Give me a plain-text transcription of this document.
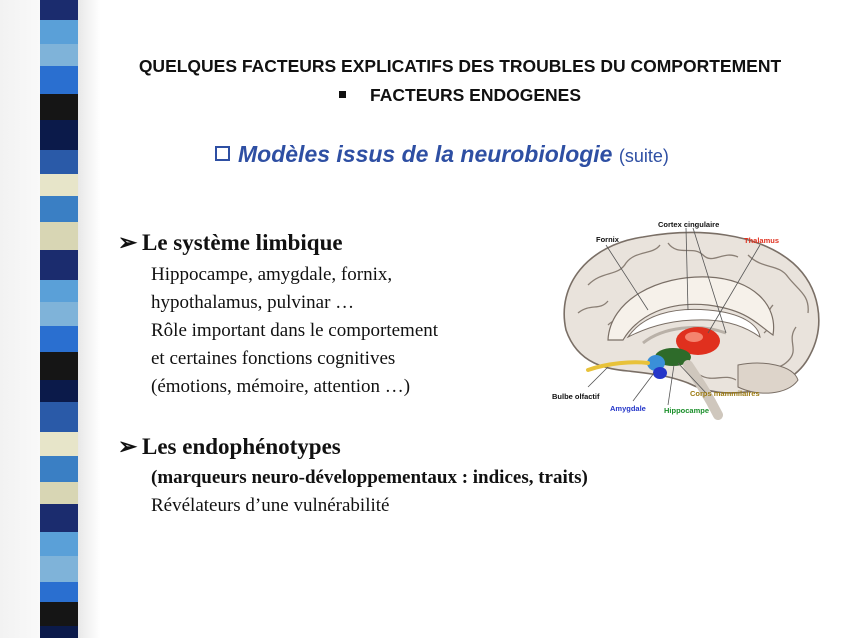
QUELQUES FACTEURS EXPLICATIFS DES TROUBLES DU COMPORTEMENT
FACTEURS ENDOGENES
Modèles issus de la neurobiologie (suite)
➢ Le système limbique
Hippocampe, amygdale, fornix,
hypothalamus, pulvinar …
Rôle important dans le comportement
et certaines fonctions cognitives
(émotions, mémoire, attention …)
➢ Les endophénotypes
(marqueurs neuro-développementaux : indices, traits)
Révélateurs d’une vulnérabilité
Cortex cingulaire
Fornix	Thalamus
Bulbe olfactif	Corps mammilaires
Amygdale Hippocampe
